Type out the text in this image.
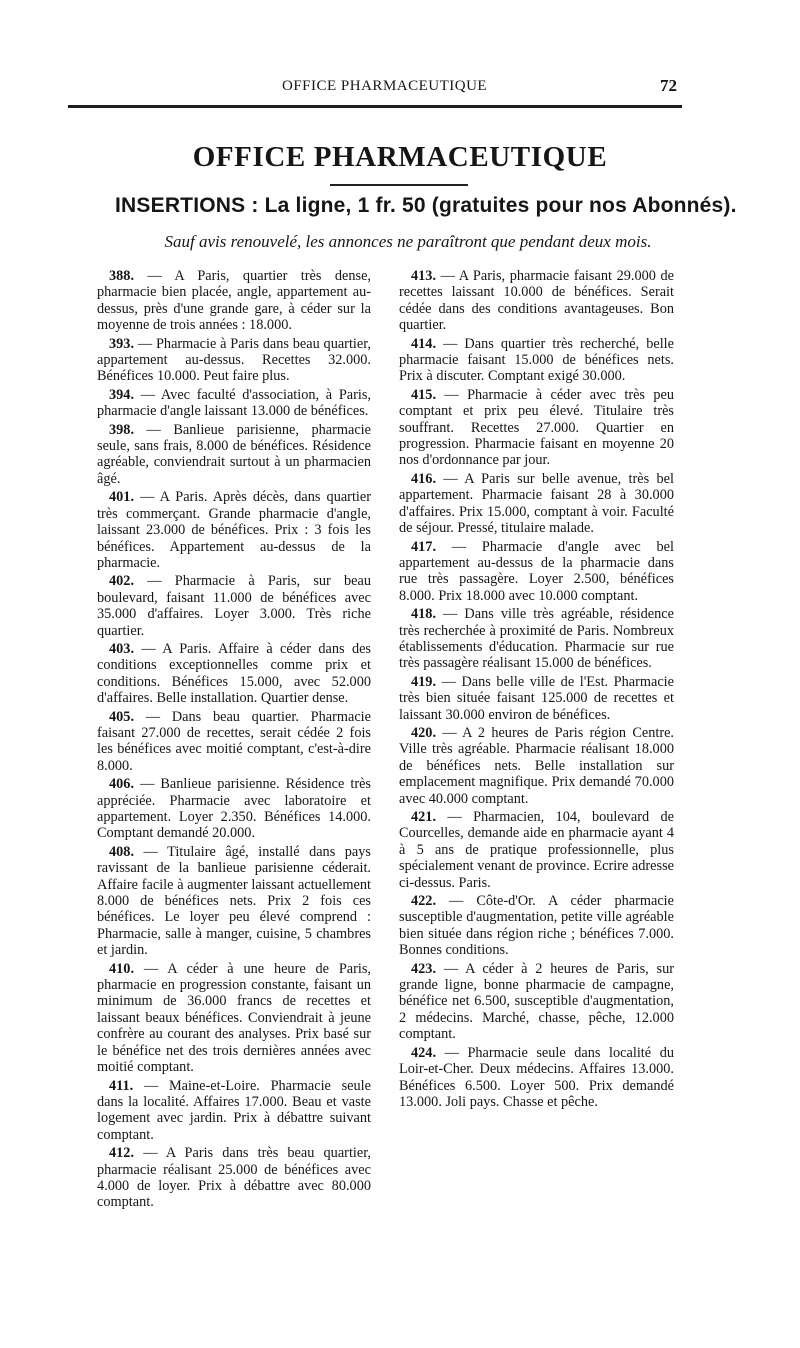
OFFICE PHARMACEUTIQUE	72
OFFICE PHARMACEUTIQUE
INSERTIONS : La ligne, 1 fr. 50 (gratuites pour nos Abonnés).
Sauf avis renouvelé, les annonces ne paraîtront que pendant deux mois.

388. — A Paris, quartier très dense, pharmacie bien placée, angle, appartement au-dessus, près d'une grande gare, à céder sur la moyenne de trois années : 18.000.

393. — Pharmacie à Paris dans beau quartier, appartement au-dessus. Recettes 32.000. Bénéfices 10.000. Peut faire plus.

394. — Avec faculté d'association, à Paris, pharmacie d'angle laissant 13.000 de bénéfices.

398. — Banlieue parisienne, pharmacie seule, sans frais, 8.000 de bénéfices. Résidence agréable, conviendrait surtout à un pharmacien âgé.

401. — A Paris. Après décès, dans quartier très commerçant. Grande pharmacie d'angle, laissant 23.000 de bénéfices. Prix : 3 fois les bénéfices. Appartement au-dessus de la pharmacie.

402. — Pharmacie à Paris, sur beau boulevard, faisant 11.000 de bénéfices avec 35.000 d'affaires. Loyer 3.000. Très riche quartier.

403. — A Paris. Affaire à céder dans des conditions exceptionnelles comme prix et conditions. Bénéfices 15.000, avec 52.000 d'affaires. Belle installation. Quartier dense.

405. — Dans beau quartier. Pharmacie faisant 27.000 de recettes, serait cédée 2 fois les bénéfices avec moitié comptant, c'est-à-dire 8.000.

406. — Banlieue parisienne. Résidence très appréciée. Pharmacie avec laboratoire et appartement. Loyer 2.350. Bénéfices 14.000. Comptant demandé 20.000.

408. — Titulaire âgé, installé dans pays ravissant de la banlieue parisienne céderait. Affaire facile à augmenter laissant actuellement 8.000 de bénéfices nets. Prix 2 fois ces bénéfices. Le loyer peu élevé comprend : Pharmacie, salle à manger, cuisine, 5 chambres et jardin.

410. — A céder à une heure de Paris, pharmacie en progression constante, faisant un minimum de 36.000 francs de recettes et laissant beaux bénéfices. Conviendrait à jeune confrère au courant des analyses. Prix basé sur le bénéfice net des trois dernières années avec moitié comptant.

411. — Maine-et-Loire. Pharmacie seule dans la localité. Affaires 17.000. Beau et vaste logement avec jardin. Prix à débattre suivant comptant.

412. — A Paris dans très beau quartier, pharmacie réalisant 25.000 de bénéfices avec 4.000 de loyer. Prix à débattre avec 80.000 comptant.

413. — A Paris, pharmacie faisant 29.000 de recettes laissant 10.000 de bénéfices. Serait cédée dans des conditions avantageuses. Bon quartier.

414. — Dans quartier très recherché, belle pharmacie faisant 15.000 de bénéfices nets. Prix à discuter. Comptant exigé 30.000.

415. — Pharmacie à céder avec très peu comptant et prix peu élevé. Titulaire très souffrant. Recettes 27.000. Quartier en progression. Pharmacie faisant en moyenne 20 nos d'ordonnance par jour.

416. — A Paris sur belle avenue, très bel appartement. Pharmacie faisant 28 à 30.000 d'affaires. Prix 15.000, comptant à voir. Faculté de séjour. Pressé, titulaire malade.

417. — Pharmacie d'angle avec bel appartement au-dessus de la pharmacie dans rue très passagère. Loyer 2.500, bénéfices 8.000. Prix 18.000 avec 10.000 comptant.

418. — Dans ville très agréable, résidence très recherchée à proximité de Paris. Nombreux établissements d'éducation. Pharmacie sur rue très passagère réalisant 15.000 de bénéfices.

419. — Dans belle ville de l'Est. Pharmacie très bien située faisant 125.000 de recettes et laissant 30.000 environ de bénéfices.

420. — A 2 heures de Paris région Centre. Ville très agréable. Pharmacie réalisant 18.000 de bénéfices nets. Belle installation sur emplacement magnifique. Prix demandé 70.000 avec 40.000 comptant.

421. — Pharmacien, 104, boulevard de Courcelles, demande aide en pharmacie ayant 4 à 5 ans de pratique professionnelle, plus spécialement venant de province. Ecrire adresse ci-dessus. Paris.

422. — Côte-d'Or. A céder pharmacie susceptible d'augmentation, petite ville agréable bien située dans région riche ; bénéfices 7.000. Bonnes conditions.

423. — A céder à 2 heures de Paris, sur grande ligne, bonne pharmacie de campagne, bénéfice net 6.500, susceptible d'augmentation, 2 médecins. Marché, chasse, pêche, 12.000 comptant.

424. — Pharmacie seule dans localité du Loir-et-Cher. Deux médecins. Affaires 13.000. Bénéfices 6.500. Loyer 500. Prix demandé 13.000. Joli pays. Chasse et pêche.
